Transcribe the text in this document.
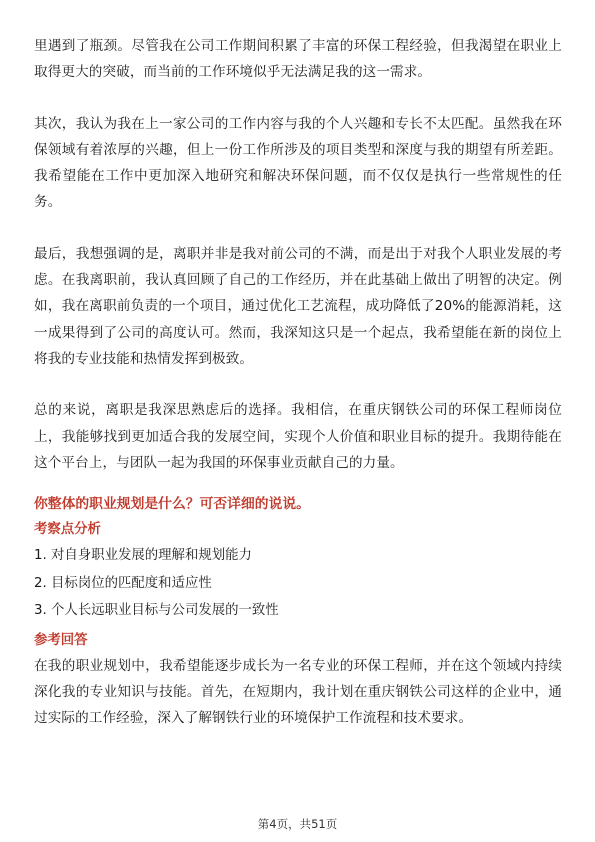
里遇到了瓶颈。尽管我在公司工作期间积累了丰富的环保工程经验，但我渴望在职业上取得更大的突破，而当前的工作环境似乎无法满足我的这一需求。

其次，我认为我在上一家公司的工作内容与我的个人兴趣和专长不太匹配。虽然我在环保领域有着浓厚的兴趣，但上一份工作所涉及的项目类型和深度与我的期望有所差距。我希望能在工作中更加深入地研究和解决环保问题，而不仅仅是执行一些常规性的任务。

最后，我想强调的是，离职并非是我对前公司的不满，而是出于对我个人职业发展的考虑。在我离职前，我认真回顾了自己的工作经历，并在此基础上做出了明智的决定。例如，我在离职前负责的一个项目，通过优化工艺流程，成功降低了20%的能源消耗，这一成果得到了公司的高度认可。然而，我深知这只是一个起点，我希望能在新的岗位上将我的专业技能和热情发挥到极致。

总的来说，离职是我深思熟虑后的选择。我相信，在重庆钢铁公司的环保工程师岗位上，我能够找到更加适合我的发展空间，实现个人价值和职业目标的提升。我期待能在这个平台上，与团队一起为我国的环保事业贡献自己的力量。

你整体的职业规划是什么？可否详细的说说。

考察点分析

1. 对自身职业发展的理解和规划能力
2. 目标岗位的匹配度和适应性
3. 个人长远职业目标与公司发展的一致性

参考回答

在我的职业规划中，我希望能逐步成长为一名专业的环保工程师，并在这个领域内持续深化我的专业知识与技能。首先，在短期内，我计划在重庆钢铁公司这样的企业中，通过实际的工作经验，深入了解钢铁行业的环境保护工作流程和技术要求。

第4页，共51页
